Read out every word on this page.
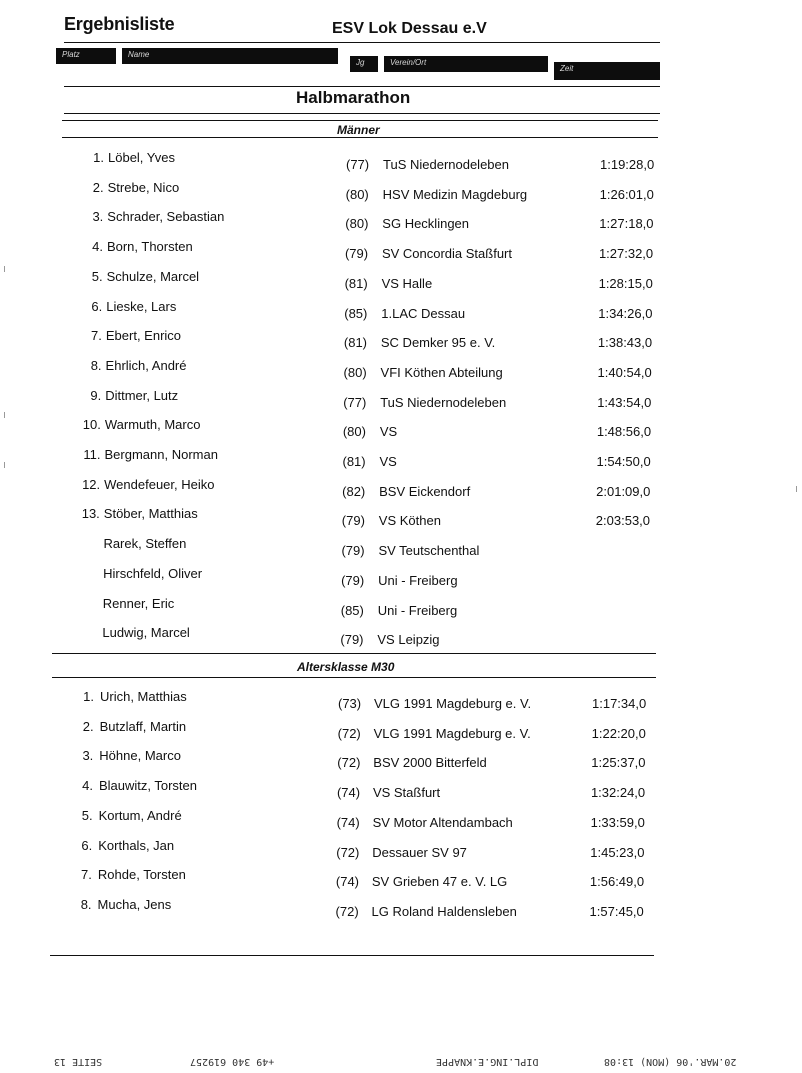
Ergebnisliste	ESV Lok Dessau e.V
Platz	Name
Jg	Verein/Ort
Zeit
Halbmarathon
Männer
1. Löbel, Yves	(77) TuS Niedernodeleben	1:19:28,0
2. Strebe, Nico	(80) HSV Medizin Magdeburg	1:26:01,0
3. Schrader, Sebastian	(80) SG Hecklingen	1:27:18,0
4. Born, Thorsten	(79) SV Concordia Staßfurt	1:27:32,0
5. Schulze, Marcel	(81) VS Halle	1:28:15,0
6. Lieske, Lars	(85) 1.LAC Dessau	1:34:26,0
7. Ebert, Enrico	(81) SC Demker 95 e. V.	1:38:43,0
8. Ehrlich, André	(80) VFI Köthen Abteilung	1:40:54,0
9. Dittmer, Lutz	(77) TuS Niedernodeleben	1:43:54,0
10. Warmuth, Marco	(80) VS	1:48:56,0
11. Bergmann, Norman	(81) VS	1:54:50,0
12. Wendefeuer, Heiko	(82) BSV Eickendorf	2:01:09,0
13. Stöber, Matthias	(79) VS Köthen	2:03:53,0
Rarek, Steffen	(79) SV Teutschenthal
Hirschfeld, Oliver	(79) Uni - Freiberg
Renner, Eric	(85) Uni - Freiberg
Ludwig, Marcel	(79) VS Leipzig
Altersklasse M30
1. Urich, Matthias	(73) VLG 1991 Magdeburg e. V.	1:17:34,0
2. Butzlaff, Martin	(72) VLG 1991 Magdeburg e. V.	1:22:20,0
3. Höhne, Marco	(72) BSV 2000 Bitterfeld	1:25:37,0
4. Blauwitz, Torsten	(74) VS Staßfurt	1:32:24,0
5. Kortum, André	(74) SV Motor Altendambach	1:33:59,0
6. Korthals, Jan	(72) Dessauer SV 97	1:45:23,0
7. Rohde, Torsten	(74) SV Grieben 47 e. V. LG	1:56:49,0
8. Mucha, Jens	(72) LG Roland Haldensleben	1:57:45,0
SEITE 13	+49 340 619257	DIPL.ING.E.KNAPPE	20.MAR.'06 (MON) 13:08
